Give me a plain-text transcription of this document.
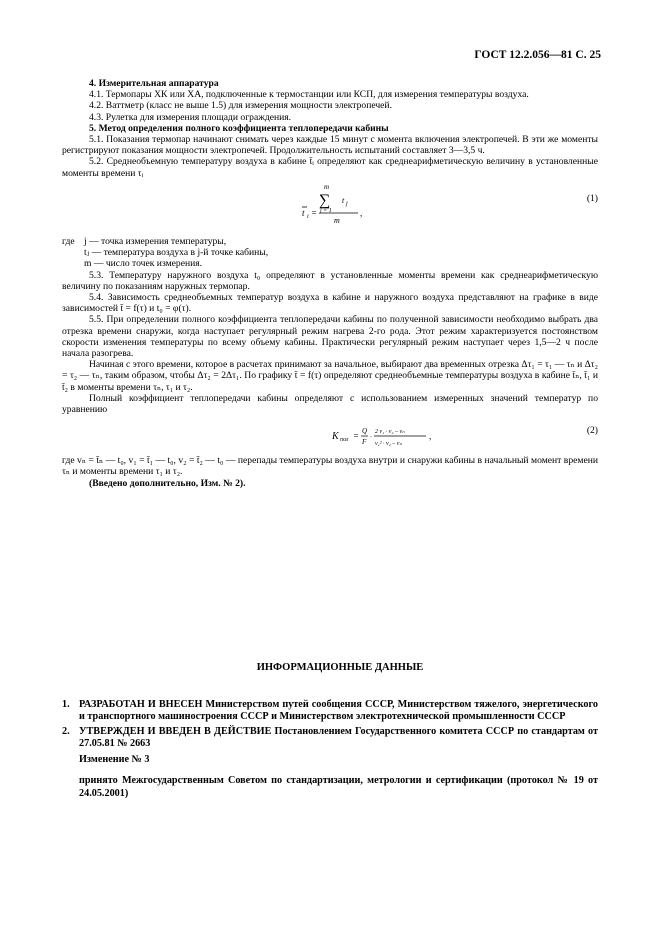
ГОСТ 12.2.056—81 С. 25

4. Измерительная аппаратура

4.1. Термопары ХК или ХА, подключенные к термостанции или КСП, для измерения температуры воздуха.

4.2. Ваттметр (класс не выше 1.5) для измерения мощности электропечей.

4.3. Рулетка для измерения площади ограждения.

5. Метод определения полного коэффициента теплопередачи кабины

5.1. Показания термопар начинают снимать через каждые 15 минут с момента включения электропечей. В эти же моменты регистрируют показания мощности электропечей. Продолжительность испытаний составляет 3—3,5 ч.

5.2. Среднеобъемную температуру воздуха в кабине t̄ᵢ определяют как среднеарифметическую величину в установленные моменты времени τᵢ

m
∑ t j
j = 1
t i =	,
m
(1)
где j — точка измерения температуры,
tⱼ — температура воздуха в j-й точке кабины,
m — число точек измерения.

5.3. Температуру наружного воздуха t₀ определяют в установленные моменты времени как среднеарифметическую величину по показаниям наружных термопар.

5.4. Зависимость среднеобъемных температур воздуха в кабине и наружного воздуха представляют на графике в виде зависимостей t̄ = f(τ) и t₀ = φ(τ).

5.5. При определении полного коэффициента теплопередачи кабины по полученной зависимости необходимо выбрать два отрезка времени снаружи, когда наступает регулярный режим нагрева 2-го рода. Этот режим характеризуется постоянством скорости изменения температуры по всему объему кабины. Практически регулярный режим наступает через 1,5—2 ч после начала разогрева.

Начиная с этого времени, которое в расчетах принимают за начальное, выбирают два временных отрезка Δτ₁ = τ₁ — τₙ и Δτ₂ = τ₂ — τₙ, таким образом, чтобы Δτ₂ = 2Δτ₁. По графику t̄ = f(τ) определяют среднеобъемные температуры воздуха в кабине t̄ₙ, t̄₁ и t̄₂ в моменты времени τₙ, τ₁ и τ₂.

Полный коэффициент теплопередачи кабины определяют с использованием измеренных значений температур по уравнению

K пол = Q
F
·
2 v₁ · v₂ – vₙ
v₁² · v₂ – vₙ
,	(2)

где vₙ = t̄ₙ — t₀, v₁ = t̄₁ — t₀, v₂ = t̄₂ — t₀ — перепады температуры воздуха внутри и снаружи кабины в начальный момент времени τₙ и моменты времени τ₁ и τ₂.

(Введено дополнительно, Изм. № 2).

ИНФОРМАЦИОННЫЕ ДАННЫЕ
1. РАЗРАБОТАН И ВНЕСЕН Министерством путей сообщения СССР, Министерством тяжелого, энергетического и транспортного машиностроения СССР и Министерством электротехнической промышленности СССР
2. УТВЕРЖДЕН И ВВЕДЕН В ДЕЙСТВИЕ Постановлением Государственного комитета СССР по стандартам от 27.05.81 № 2663
Изменение № 3
принято Межгосударственным Советом по стандартизации, метрологии и сертификации (протокол № 19 от 24.05.2001)
